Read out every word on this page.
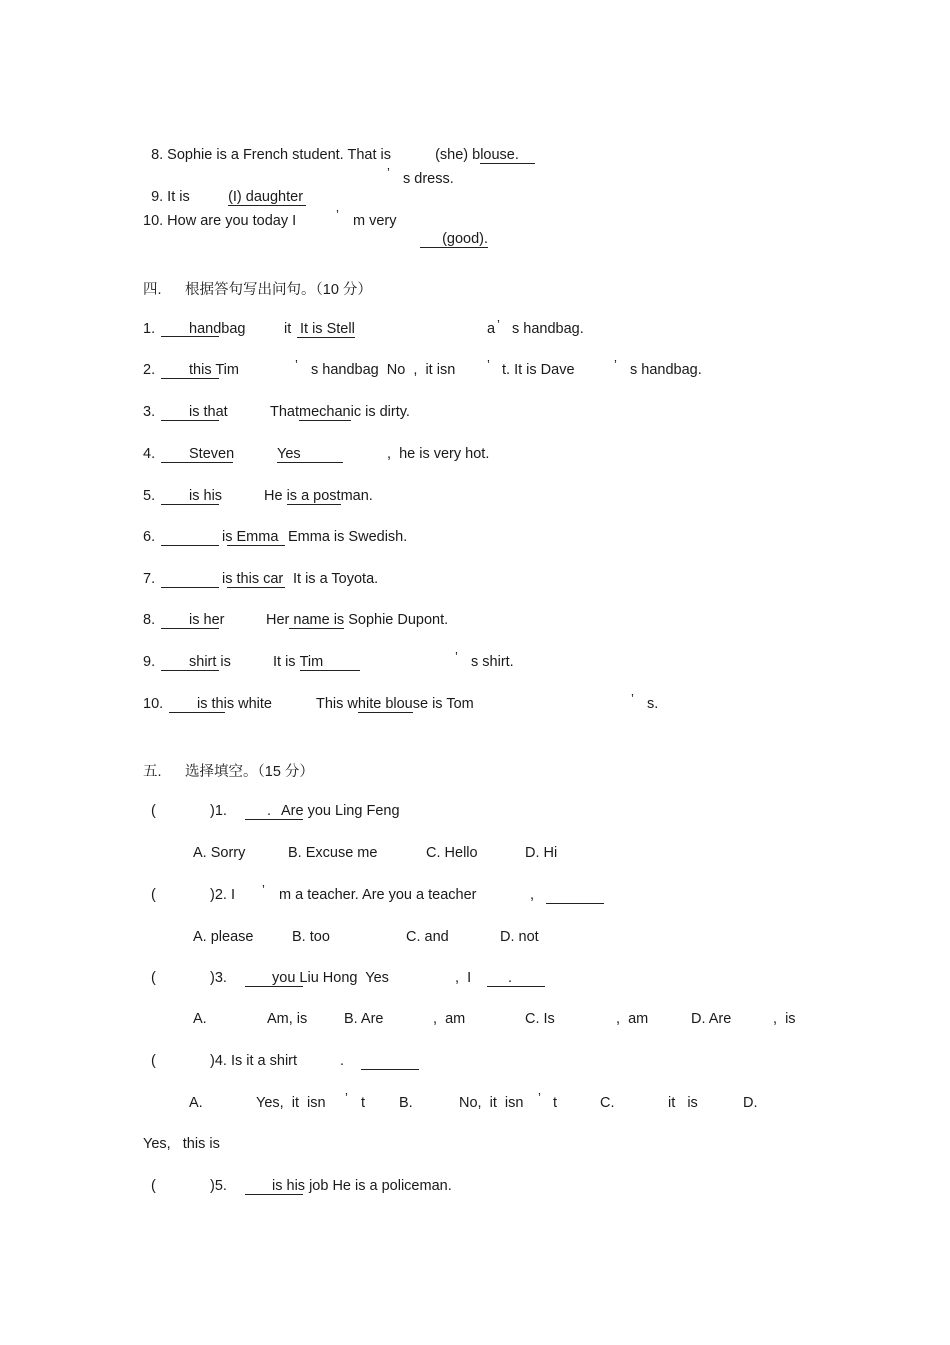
8. Sophie is a French student. That is	(she) blouse.

9. It is	(I) daughter

’ s dress.
10. How are you today I	’ m very

(good).

四. 根据答句写出问句。（10 分）
1. handbag	it It is Stell	a ’ s handbag.
2. this Tim	’ s handbag  No  ,  it isn ’ t. It is Dave	’ s handbag.
3. is that	Thatmechanic is dirty.
4. Steven	Yes	,  he is very hot.
5. is his	He is a postman.
6.	is Emma Emma is Swedish.
7.	is this car It is a Toyota.
8. is her	Her name is Sophie Dupont.
9. shirt is	It is Tim	’ s shirt.
10. is this white	This white blouse is Tom	’ s.
五. 选择填空。（15 分）
(	)1.	. Are you Ling Feng
A. Sorry	B. Excuse me	C. Hello	D. Hi
(	)2. I ’ m a teacher. Are you a teacher	,
A. please	B. too	C. and	D. not
(	)3.	you Liu Hong  Yes	,  I	.
A.	Am, is	B. Are	,  am	C. Is	,  am	D. Are	,  is
(	)4. Is it a shirt	.
A.	Yes,  it  isn ’ t B.	No,  it  isn ’ t	C.	it   is	D.
Yes,   this is
(	)5.	is his job He is a policeman.
